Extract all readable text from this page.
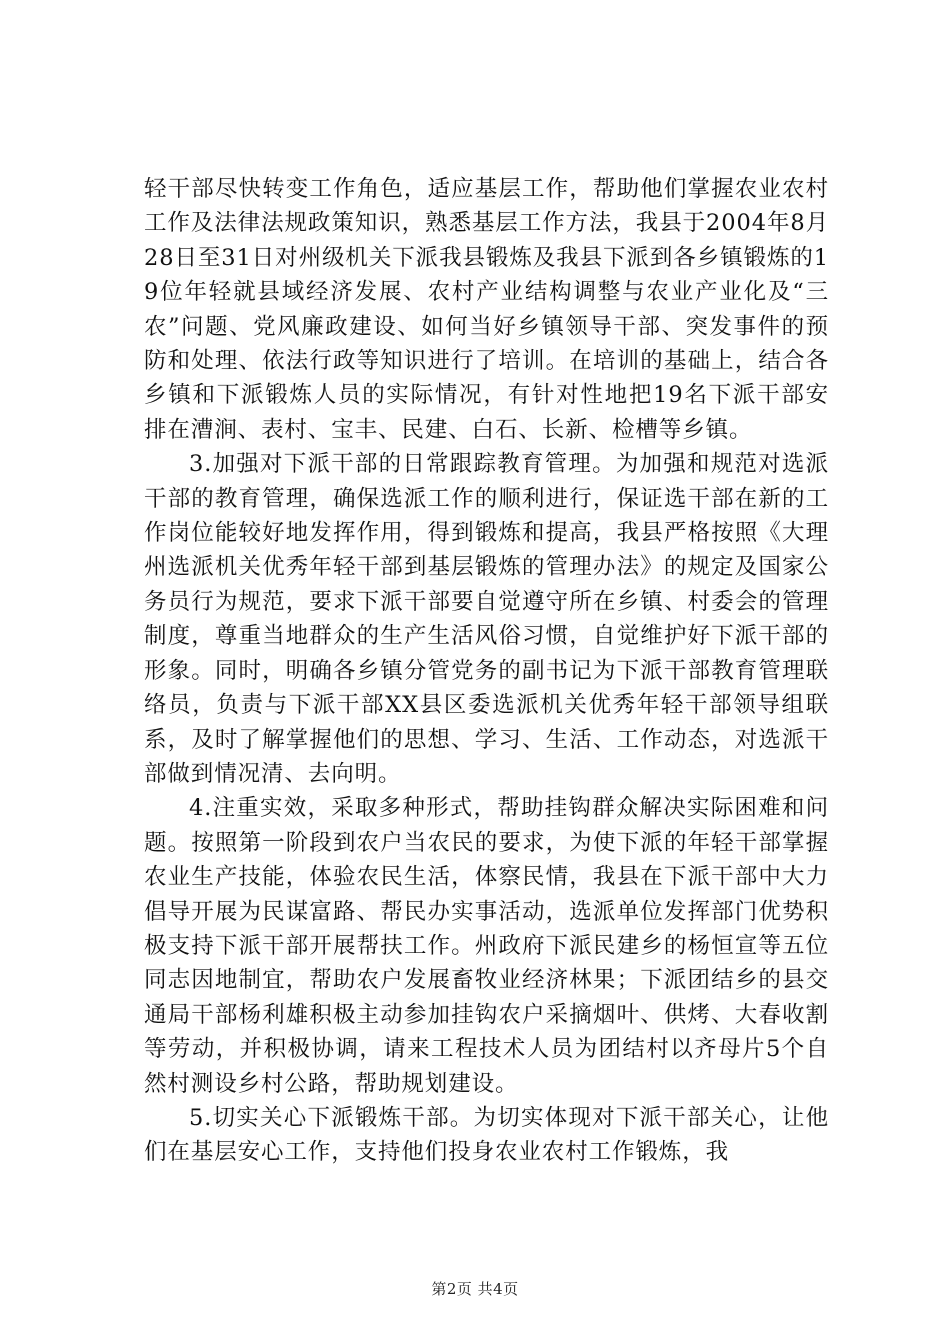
轻干部尽快转变工作角色，适应基层工作，帮助他们掌握农业农村工作及法律法规政策知识，熟悉基层工作方法，我县于2004年8月28日至31日对州级机关下派我县锻炼及我县下派到各乡镇锻炼的19位年轻就县域经济发展、农村产业结构调整与农业产业化及“三农”问题、党风廉政建设、如何当好乡镇领导干部、突发事件的预防和处理、依法行政等知识进行了培训。在培训的基础上，结合各乡镇和下派锻炼人员的实际情况，有针对性地把19名下派干部安排在漕涧、表村、宝丰、民建、白石、长新、检槽等乡镇。

3.加强对下派干部的日常跟踪教育管理。为加强和规范对选派干部的教育管理，确保选派工作的顺利进行，保证选干部在新的工作岗位能较好地发挥作用，得到锻炼和提高，我县严格按照《大理州选派机关优秀年轻干部到基层锻炼的管理办法》的规定及国家公务员行为规范，要求下派干部要自觉遵守所在乡镇、村委会的管理制度，尊重当地群众的生产生活风俗习惯，自觉维护好下派干部的形象。同时，明确各乡镇分管党务的副书记为下派干部教育管理联络员，负责与下派干部XX县区委选派机关优秀年轻干部领导组联系，及时了解掌握他们的思想、学习、生活、工作动态，对选派干部做到情况清、去向明。

4.注重实效，采取多种形式，帮助挂钩群众解决实际困难和问题。按照第一阶段到农户当农民的要求，为使下派的年轻干部掌握农业生产技能，体验农民生活，体察民情，我县在下派干部中大力倡导开展为民谋富路、帮民办实事活动，选派单位发挥部门优势积极支持下派干部开展帮扶工作。州政府下派民建乡的杨恒宣等五位同志因地制宜，帮助农户发展畜牧业经济林果；下派团结乡的县交通局干部杨利雄积极主动参加挂钩农户采摘烟叶、供烤、大春收割等劳动，并积极协调，请来工程技术人员为团结村以齐母片5个自然村测设乡村公路，帮助规划建设。

5.切实关心下派锻炼干部。为切实体现对下派干部关心，让他们在基层安心工作，支持他们投身农业农村工作锻炼，我

第2页 共4页
